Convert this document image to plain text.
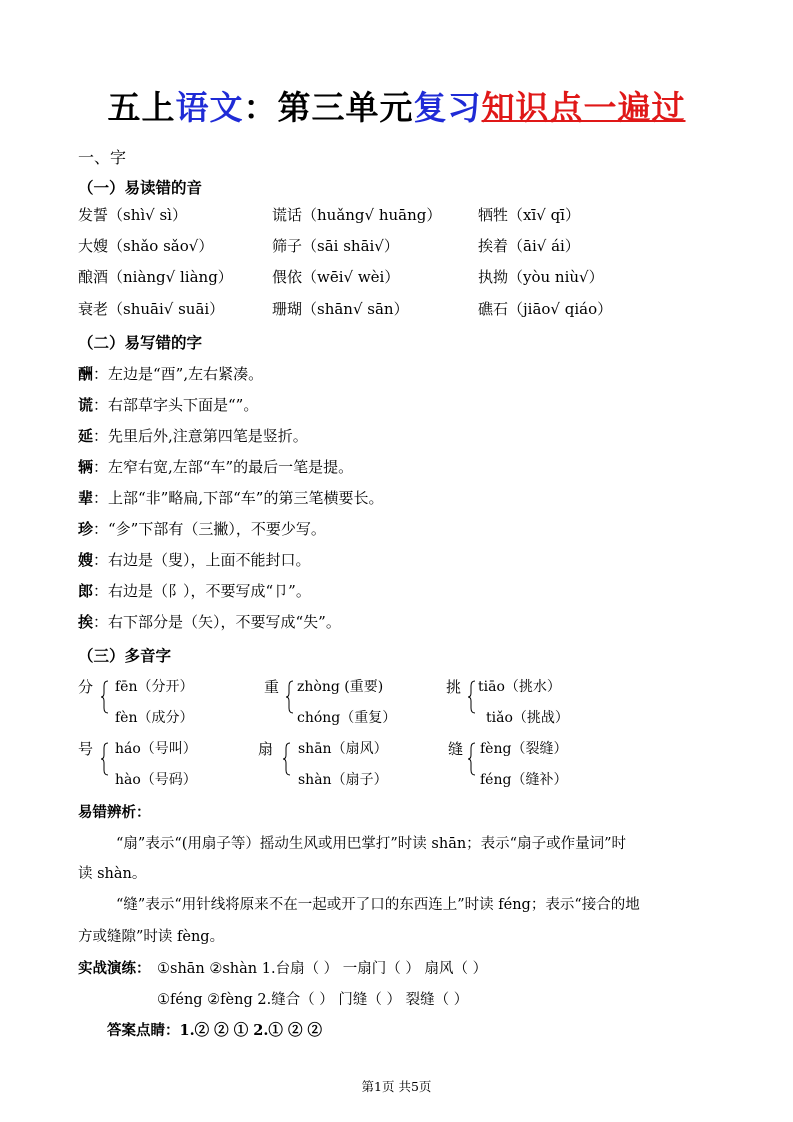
五上语文：第三单元复习知识点一遍过
一、字
（一）易读错的音
发誓（shì√ sì）	谎话（huǎng√ huāng） 牺牲（xī√ qī）
大嫂（shǎo sǎo√）	筛子（sāi shāi√）	挨着（āi√ ái）
酿酒（niàng√ liàng）	偎依（wēi√ wèi）	执拗（yòu niù√）
衰老（shuāi√ suāi）	珊瑚（shān√ sān）	礁石（jiāo√ qiáo）
（二）易写错的字
酬：左边是“酉”,左右紧凑。
谎：右部草字头下面是“”。
延：先里后外,注意第四笔是竖折。
辆：左窄右宽,左部“车”的最后一笔是提。
辈：上部“非”略扁,下部“车”的第三笔横要长。
珍：“㐱”下部有（三撇），不要少写。
嫂：右边是（叟），上面不能封口。
郎：右边是（阝），不要写成“卩”。
挨：右下部分是（矢），不要写成“失”。
（三）多音字
分 fēn（分开）
fèn（成分）
重 zhòng (重要)
chóng（重复）
挑 tiāo（挑水）
tiǎo（挑战）
号 háo（号叫）
hào（号码）
扇 shān（扇风）
shàn（扇子）
缝 fèng（裂缝）
féng（缝补）
易错辨析：
“扇”表示“(用扇子等）摇动生风或用巴掌打”时读 shān；表示“扇子或作量词”时
读 shàn。
“缝”表示“用针线将原来不在一起或开了口的东西连上”时读 féng；表示“接合的地
方或缝隙”时读 fèng。
实战演练： ①shān ②shàn 1.台扇（ ） 一扇门（ ） 扇风（ ）
①féng ②fèng 2.缝合（ ） 门缝（ ） 裂缝（ ）
答案点睛：1.② ② ① 2.① ② ②
第1页 共5页
